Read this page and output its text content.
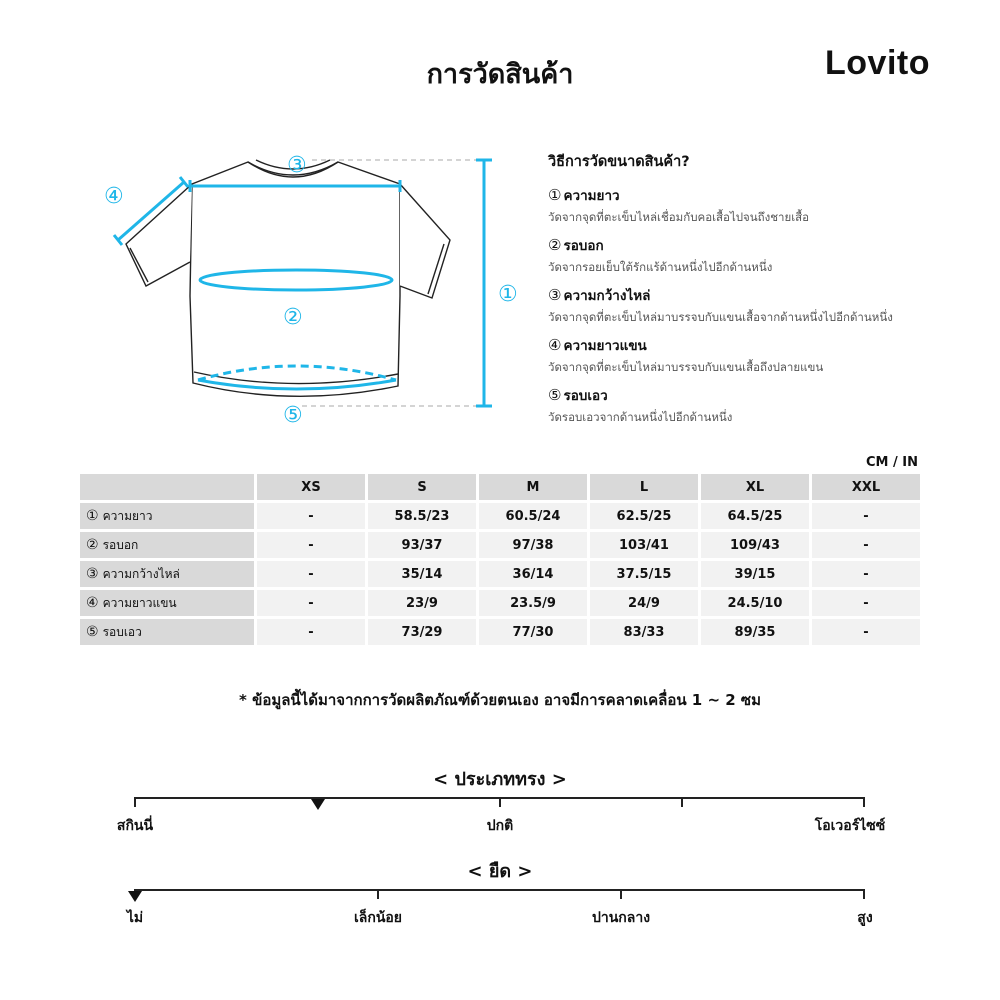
การวัดสินค้า	Lovito
①
②
③
④
⑤
วิธีการวัดขนาดสินค้า?
① ความยาว
วัดจากจุดที่ตะเข็บไหล่เชื่อมกับคอเสื้อไปจนถึงชายเสื้อ
② รอบอก
วัดจากรอยเย็บใต้รักแร้ด้านหนึ่งไปอีกด้านหนึ่ง
③ ความกว้างไหล่
วัดจากจุดที่ตะเข็บไหล่มาบรรจบกับแขนเสื้อจากด้านหนึ่งไปอีกด้านหนึ่ง
④ ความยาวแขน
วัดจากจุดที่ตะเข็บไหล่มาบรรจบกับแขนเสื้อถึงปลายแขน
⑤ รอบเอว
วัดรอบเอวจากด้านหนึ่งไปอีกด้านหนึ่ง
CM / IN
	XS	S	M	L	XL	XXL
① ความยาว	-	58.5/23	60.5/24	62.5/25	64.5/25	-
② รอบอก	-	93/37	97/38	103/41	109/43	-
③ ความกว้างไหล่	-	35/14	36/14	37.5/15	39/15	-
④ ความยาวแขน	-	23/9	23.5/9	24/9	24.5/10	-
⑤ รอบเอว	-	73/29	77/30	83/33	89/35	-
* ข้อมูลนี้ได้มาจากการวัดผลิตภัณฑ์ด้วยตนเอง อาจมีการคลาดเคลื่อน 1 ~ 2 ซม
< ประเภททรง >
สกินนี่	ปกติ	โอเวอร์ไซซ์
< ยืด >
ไม่	เล็กน้อย	ปานกลาง	สูง
